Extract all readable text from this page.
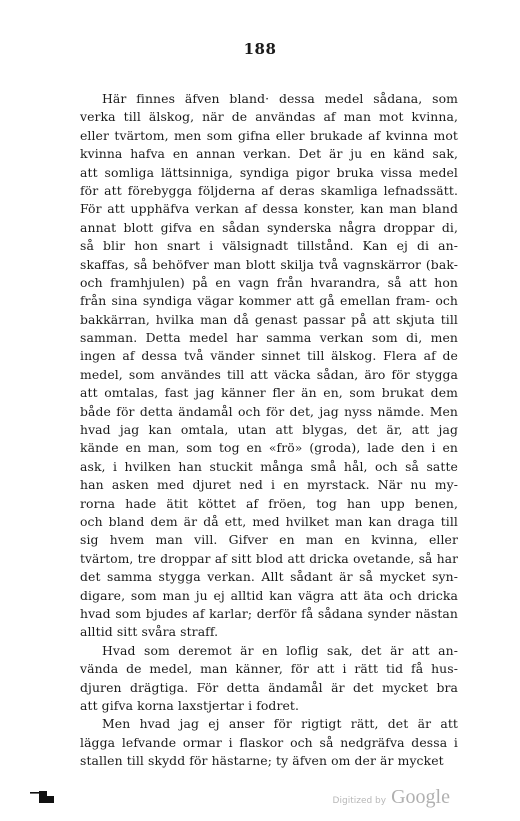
188
Här finnes äfven bland· dessa medel sådana, som
verka till älskog, när de användas af man mot kvinna,
eller tvärtom, men som gifna eller brukade af kvinna mot
kvinna hafva en annan verkan. Det är ju en känd sak,
att somliga lättsinniga, syndiga pigor bruka vissa medel
för att förebygga följderna af deras skamliga lefnadssätt.
För att upphäfva verkan af dessa konster, kan man bland
annat blott gifva en sådan synderska några droppar di,
så blir hon snart i välsignadt tillstånd. Kan ej di an-
skaffas, så behöfver man blott skilja två vagnskärror (bak-
och framhjulen) på en vagn från hvarandra, så att hon
från sina syndiga vägar kommer att gå emellan fram- och
bakkärran, hvilka man då genast passar på att skjuta till
samman. Detta medel har samma verkan som di, men
ingen af dessa två vänder sinnet till älskog. Flera af de
medel, som användes till att väcka sådan, äro för stygga
att omtalas, fast jag känner fler än en, som brukat dem
både för detta ändamål och för det, jag nyss nämde. Men
hvad jag kan omtala, utan att blygas, det är, att jag
kände en man, som tog en «frö» (groda), lade den i en
ask, i hvilken han stuckit många små hål, och så satte
han asken med djuret ned i en myrstack. När nu my-
rorna hade ätit köttet af fröen, tog han upp benen,
och bland dem är då ett, med hvilket man kan draga till
sig hvem man vill. Gifver en man en kvinna, eller
tvärtom, tre droppar af sitt blod att dricka ovetande, så har
det samma stygga verkan. Allt sådant är så mycket syn-
digare, som man ju ej alltid kan vägra att äta och dricka
hvad som bjudes af karlar; derför få sådana synder nästan
alltid sitt svåra straff.
Hvad som deremot är en loflig sak, det är att an-
vända de medel, man känner, för att i rätt tid få hus-
djuren drägtiga. För detta ändamål är det mycket bra
att gifva korna laxstjertar i fodret.
Men hvad jag ej anser för rigtigt rätt, det är att
lägga lefvande ormar i flaskor och så nedgräfva dessa i
stallen till skydd för hästarne; ty äfven om der är mycket
Digitized by Google
